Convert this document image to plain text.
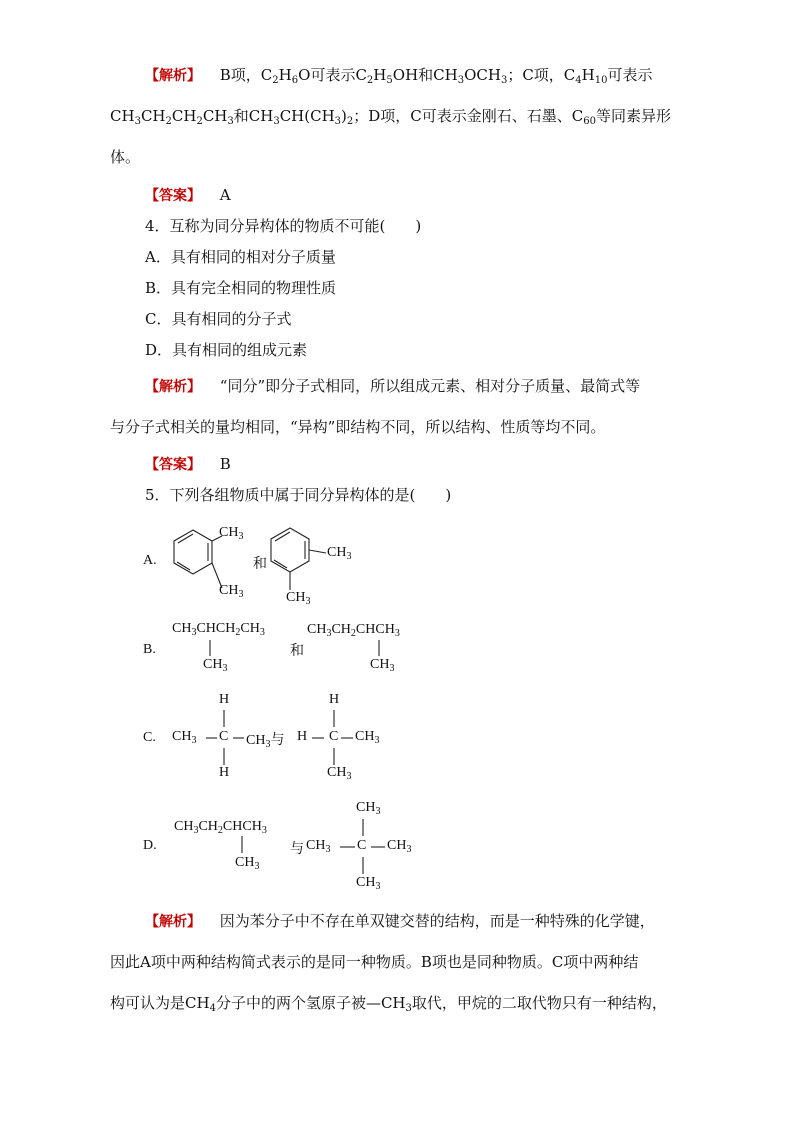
【解析】 B项，$C_2H_6O$可表示$C_2H_5OH$和$CH_3OCH_3$；C项，$C_4H_{10}$可表示
$CH_3CH_2CH_2CH_3$和$CH_3CH(CH_3)_2$；D项，C可表示金刚石、石墨、$C_{60}$等同素异形
体。
【答案】 A
4．互称为同分异构体的物质不可能(　　)
A．具有相同的相对分子质量
B．具有完全相同的物理性质
C．具有相同的分子式
D．具有相同的组成元素
【解析】 “同分”即分子式相同，所以组成元素、相对分子质量、最简式等
与分子式相关的量均相同，“异构”即结构不同，所以结构、性质等均不同。
【答案】 B
5．下列各组物质中属于同分异构体的是(　　)
A.
$CH_3$
$CH_3$
和
$CH_3$
$CH_3$
B.
$CH_3CHCH_2CH_3$
$CH_3$
和
$CH_3CH_2CHCH_3$
$CH_3$
C.
H
$CH_3$ C $CH_3$与
H
H
H
C $CH_3$
$CH_3$
D.
$CH_3CH_2CHCH_3$
$CH_3$
与 $CH_3$ C $CH_3$
$CH_3$
$CH_3$
【解析】 因为苯分子中不存在单双键交替的结构，而是一种特殊的化学键，
因此A项中两种结构简式表示的是同一种物质。B项也是同种物质。C项中两种结
构可认为是$CH_4$分子中的两个氢原子被$—CH_3$取代，甲烷的二取代物只有一种结构，
